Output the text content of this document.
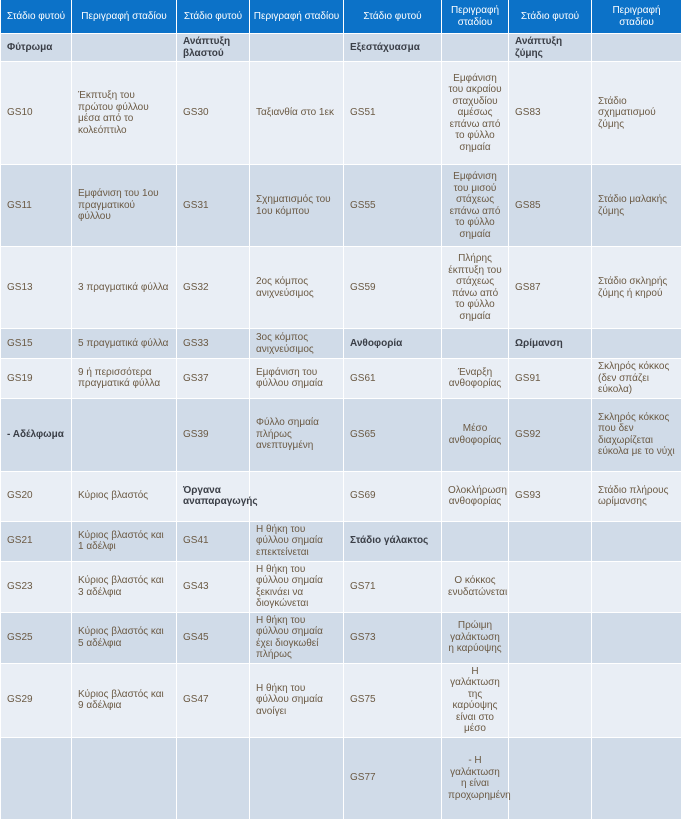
Στάδιο φυτού	Περιγραφή σταδίου	Στάδιο φυτού	Περιγραφή σταδίου	Στάδιο φυτού	Περιγραφή σταδίου	Στάδιο φυτού	Περιγραφή σταδίου
Φύτρωμα		Ανάπτυξη βλαστού		Εξεστάχυασμα		Ανάπτυξη ζύμης	
GS10	Έκπτυξη του πρώτου φύλλου μέσα από το κολεόπτιλο	GS30	Ταξιανθία στο 1εκ	GS51	Εμφάνιση του ακραίου σταχυδίου αμέσως επάνω από το φύλλο σημαία	GS83	Στάδιο σχηματισμού ζύμης
GS11	Εμφάνιση του 1ου πραγματικού φύλλου	GS31	Σχηματισμός του 1ου κόμπου	GS55	Εμφάνιση του μισού στάχεως επάνω από το φύλλο σημαία	GS85	Στάδιο μαλακής ζύμης
GS13	3 πραγματικά φύλλα	GS32	2ος κόμπος ανιχνεύσιμος	GS59	Πλήρης έκπτυξη του στάχεως πάνω από το φύλλο σημαία	GS87	Στάδιο σκληρής ζύμης ή κηρού
GS15	5 πραγματικά φύλλα	GS33	3ος κόμπος ανιχνεύσιμος	Ανθοφορία		Ωρίμανση	
GS19	9 ή περισσότερα πραγματικά φύλλα	GS37	Εμφάνιση του φύλλου σημαία	GS61	Έναρξη ανθοφορίας	GS91	Σκληρός κόκκος (δεν σπάζει εύκολα)
- Αδέλφωμα		GS39	Φύλλο σημαία πλήρως ανεπτυγμένη	GS65	Μέσο ανθοφορίας	GS92	Σκληρός κόκκος που δεν διαχωρίζεται εύκολα με το νύχι
GS20	Κύριος βλαστός	Όργανα αναπαραγωγής		GS69	Ολοκλήρωση ανθοφορίας	GS93	Στάδιο πλήρους ωρίμανσης
GS21	Κύριος βλαστός και 1 αδέλφι	GS41	Η θήκη του φύλλου σημαία επεκτείνεται	Στάδιο γάλακτος			
GS23	Κύριος βλαστός και 3 αδέλφια	GS43	Η θήκη του φύλλου σημαία ξεκινάει να διογκώνεται	GS71	Ο κόκκος ενυδατώνεται		
GS25	Κύριος βλαστός και 5 αδέλφια	GS45	Η θήκη του φύλλου σημαία έχει διογκωθεί πλήρως	GS73	Πρώιμη γαλάκτωση η καρύοψης		
GS29	Κύριος βλαστός και 9 αδέλφια	GS47	Η θήκη του φύλλου σημαία ανοίγει	GS75	Η γαλάκτωση της καρύοψης είναι στο μέσο		
				GS77	- Η γαλάκτωση η είναι προχωρημένη		
